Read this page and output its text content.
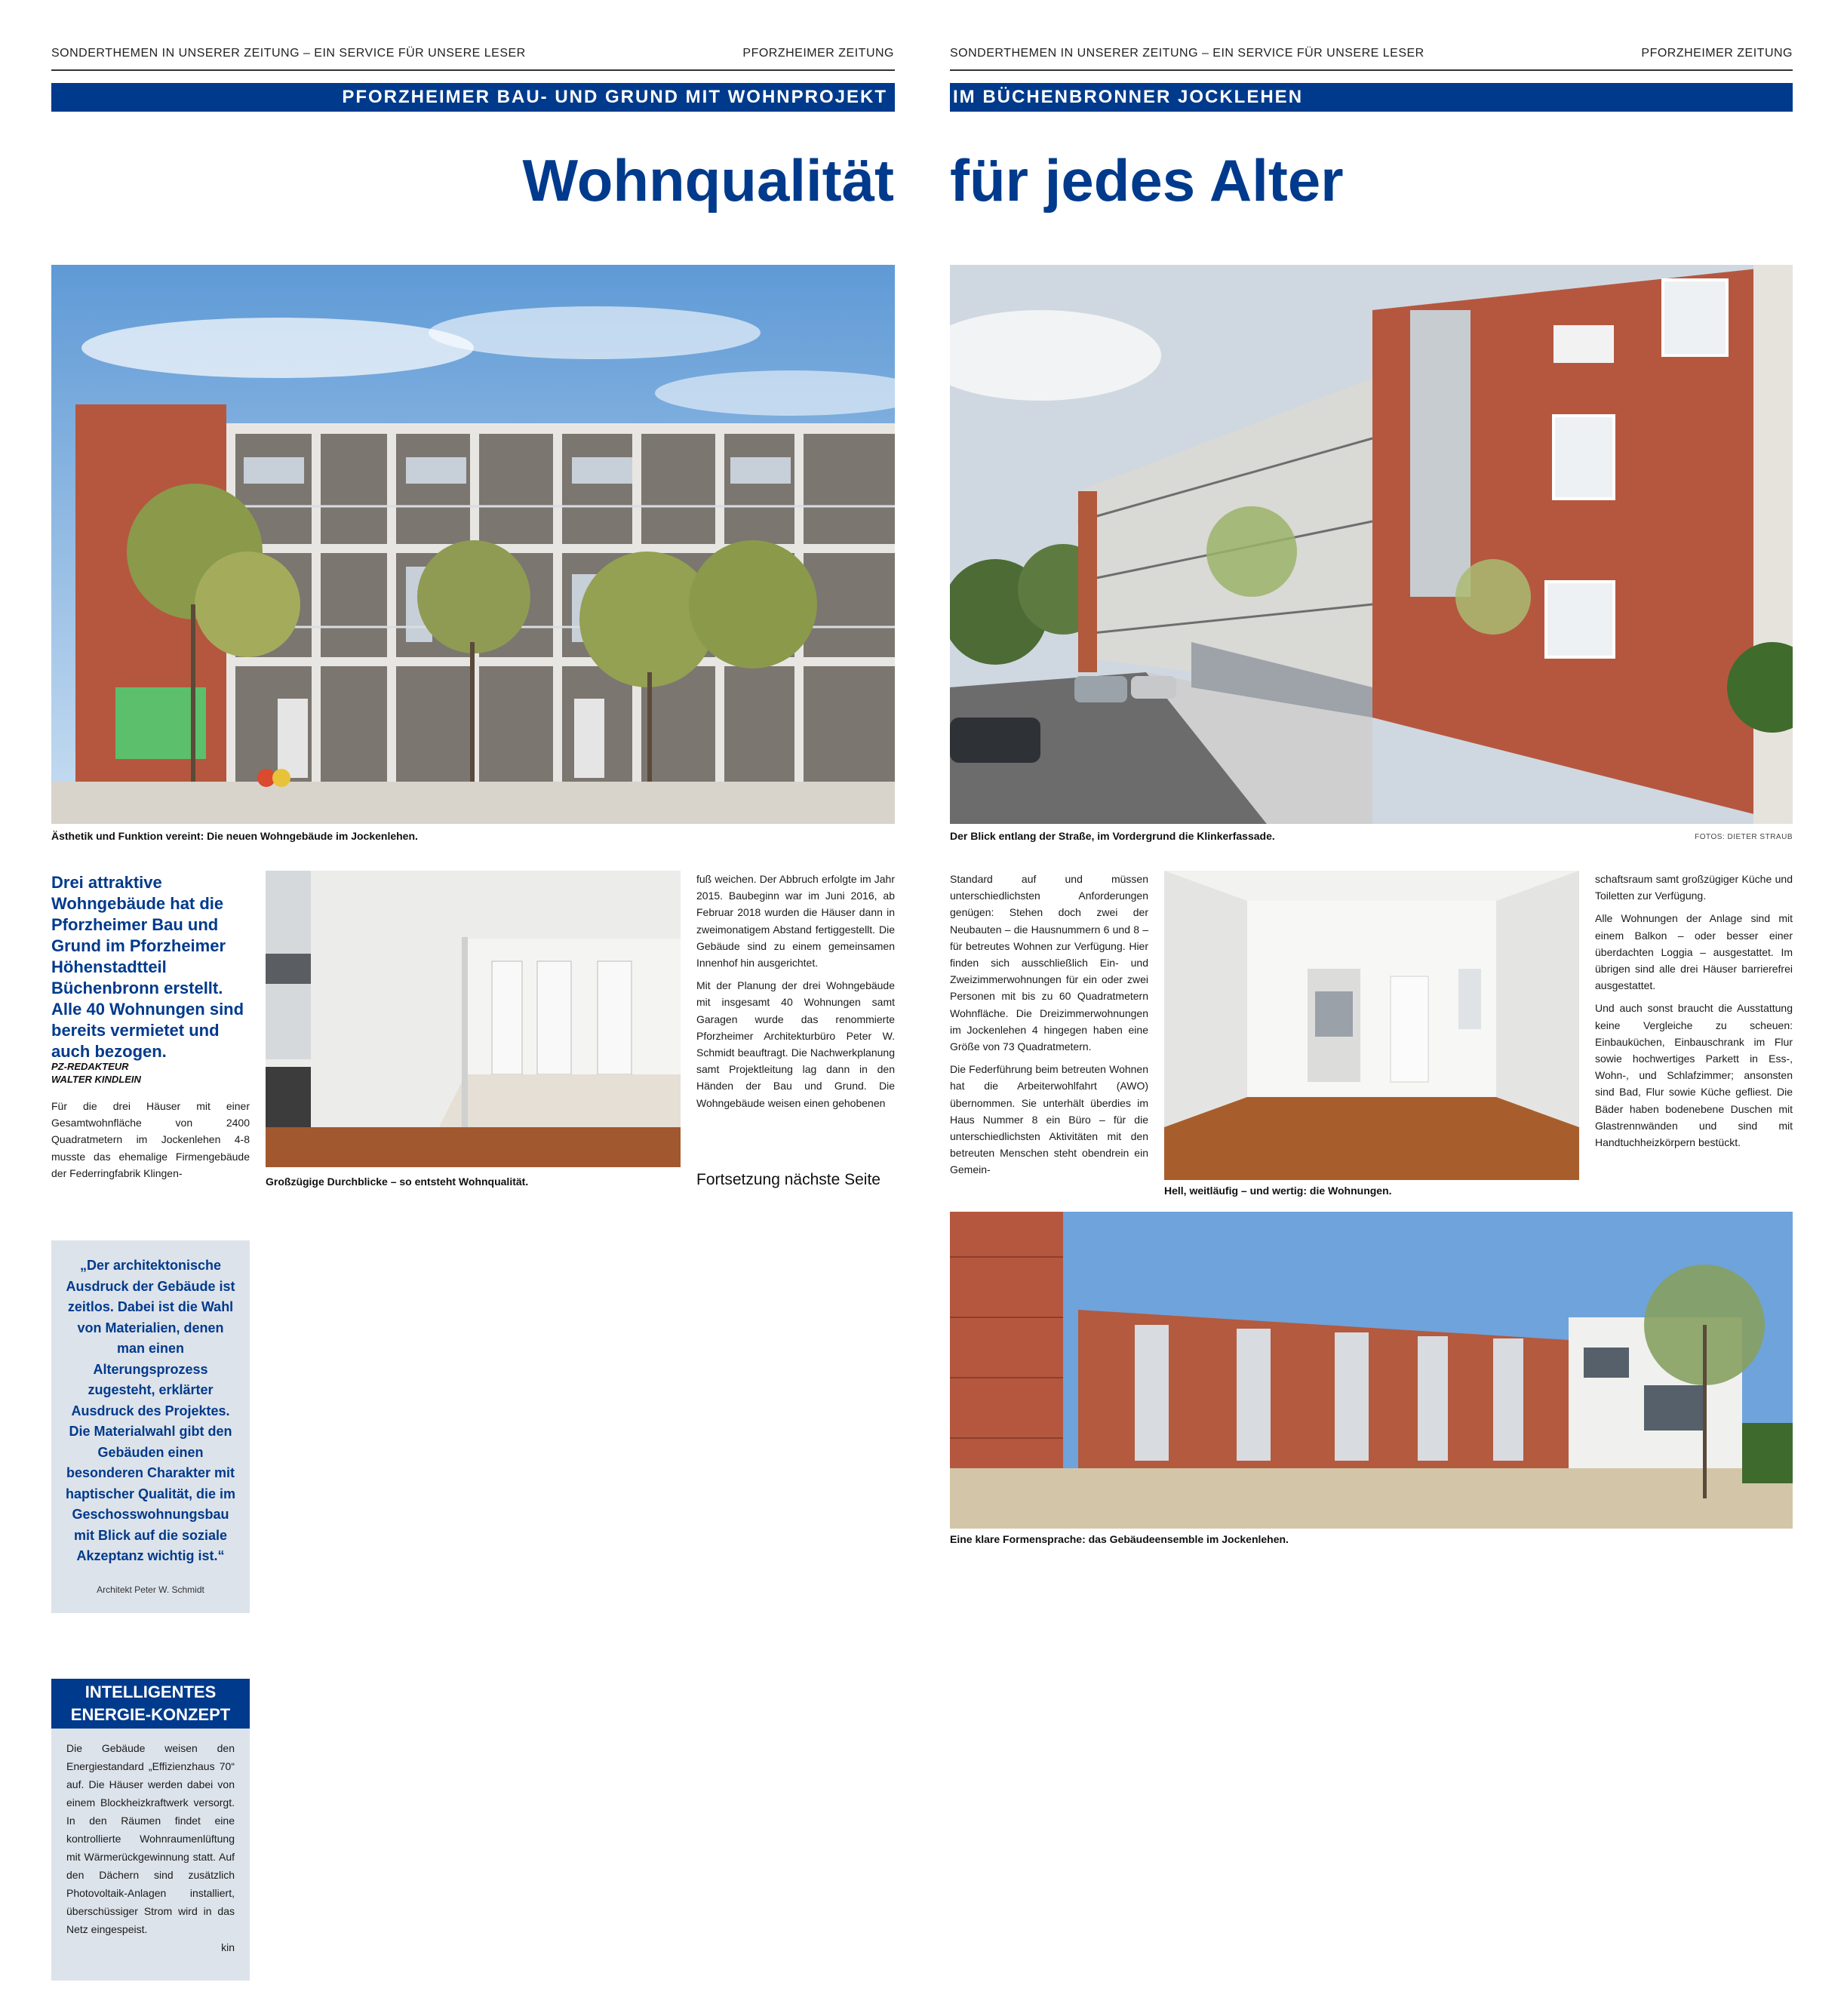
SONDERTHEMEN IN UNSERER ZEITUNG – EIN SERVICE FÜR UNSERE LESER	PFORZHEIMER ZEITUNG
PFORZHEIMER BAU- UND GRUND MIT WOHNPROJEKT
Wohnqualität
Ästhetik und Funktion vereint: Die neuen Wohngebäude im Jockenlehen.
Drei attraktive Wohngebäude hat die Pforzheimer Bau und Grund im Pforzheimer Höhenstadtteil Büchenbronn erstellt. Alle 40 Wohnungen sind bereits vermietet und auch bezogen.
PZ-REDAKTEUR
WALTER KINDLEIN
Für die drei Häuser mit einer Gesamtwohnfläche von 2400 Quadratmetern im Jockenlehen 4-8 musste das ehemalige Firmengebäude der Federringfabrik Klingen-
Großzügige Durchblicke – so entsteht Wohnqualität.

fuß weichen. Der Abbruch erfolgte im Jahr 2015. Baubeginn war im Juni 2016, ab Februar 2018 wurden die Häuser dann in zweimonatigem Abstand fertiggestellt. Die Gebäude sind zu einem gemeinsamen Innenhof hin ausgerichtet.

Mit der Planung der drei Wohngebäude mit insgesamt 40 Wohnungen samt Garagen wurde das renommierte Pforzheimer Architekturbüro Peter W. Schmidt beauftragt. Die Nachwerkplanung samt Projektleitung lag dann in den Händen der Bau und Grund. Die Wohngebäude weisen einen gehobenen

Fortsetzung nächste Seite
„Der architektonische Ausdruck der Gebäude ist zeitlos. Dabei ist die Wahl von Materialien, denen man einen Alterungsprozess zugesteht, erklärter Ausdruck des Projektes. Die Materialwahl gibt den Gebäuden einen besonderen Charakter mit haptischer Qualität, die im Geschosswohnungsbau mit Blick auf die soziale Akzeptanz wichtig ist.“
Architekt Peter W. Schmidt
INTELLIGENTES
ENERGIE-KONZEPT
Die Gebäude weisen den Energiestandard „Effizienzhaus 70“ auf. Die Häuser werden dabei von einem Blockheizkraftwerk versorgt. In den Räumen findet eine kontrollierte Wohnraumenlüftung mit Wärmerückgewinnung statt. Auf den Dächern sind zusätzlich Photovoltaik-Anlagen installiert, überschüssiger Strom wird in das Netz eingespeist.
kin
SONDERTHEMEN IN UNSERER ZEITUNG – EIN SERVICE FÜR UNSERE LESER	PFORZHEIMER ZEITUNG
IM BÜCHENBRONNER JOCKLEHEN
für jedes Alter
Der Blick entlang der Straße, im Vordergrund die Klinkerfassade.	FOTOS: DIETER STRAUB

Standard auf und müssen unterschiedlichsten Anforderungen genügen: Stehen doch zwei der Neubauten – die Hausnummern 6 und 8 – für betreutes Wohnen zur Verfügung. Hier finden sich ausschließlich Ein- und Zweizimmerwohnungen für ein oder zwei Personen mit bis zu 60 Quadratmetern Wohnfläche. Die Dreizimmerwohnungen im Jockenlehen 4 hingegen haben eine Größe von 73 Quadratmetern.

Die Federführung beim betreuten Wohnen hat die Arbeiterwohlfahrt (AWO) übernommen. Sie unterhält überdies im Haus Nummer 8 ein Büro – für die unterschiedlichsten Aktivitäten mit den betreuten Menschen steht obendrein ein Gemein-

Hell, weitläufig – und wertig: die Wohnungen.

schaftsraum samt großzügiger Küche und Toiletten zur Verfügung.

Alle Wohnungen der Anlage sind mit einem Balkon – oder besser einer überdachten Loggia – ausgestattet. Im übrigen sind alle drei Häuser barrierefrei ausgestattet.

Und auch sonst braucht die Ausstattung keine Vergleiche zu scheuen: Einbauküchen, Einbauschrank im Flur sowie hochwertiges Parkett in Ess-, Wohn-, und Schlafzimmer; ansonsten sind Bad, Flur sowie Küche gefliest. Die Bäder haben bodenebene Duschen mit Glastrennwänden und sind mit Handtuchheizkörpern bestückt.

Eine klare Formensprache: das Gebäudeensemble im Jockenlehen.
